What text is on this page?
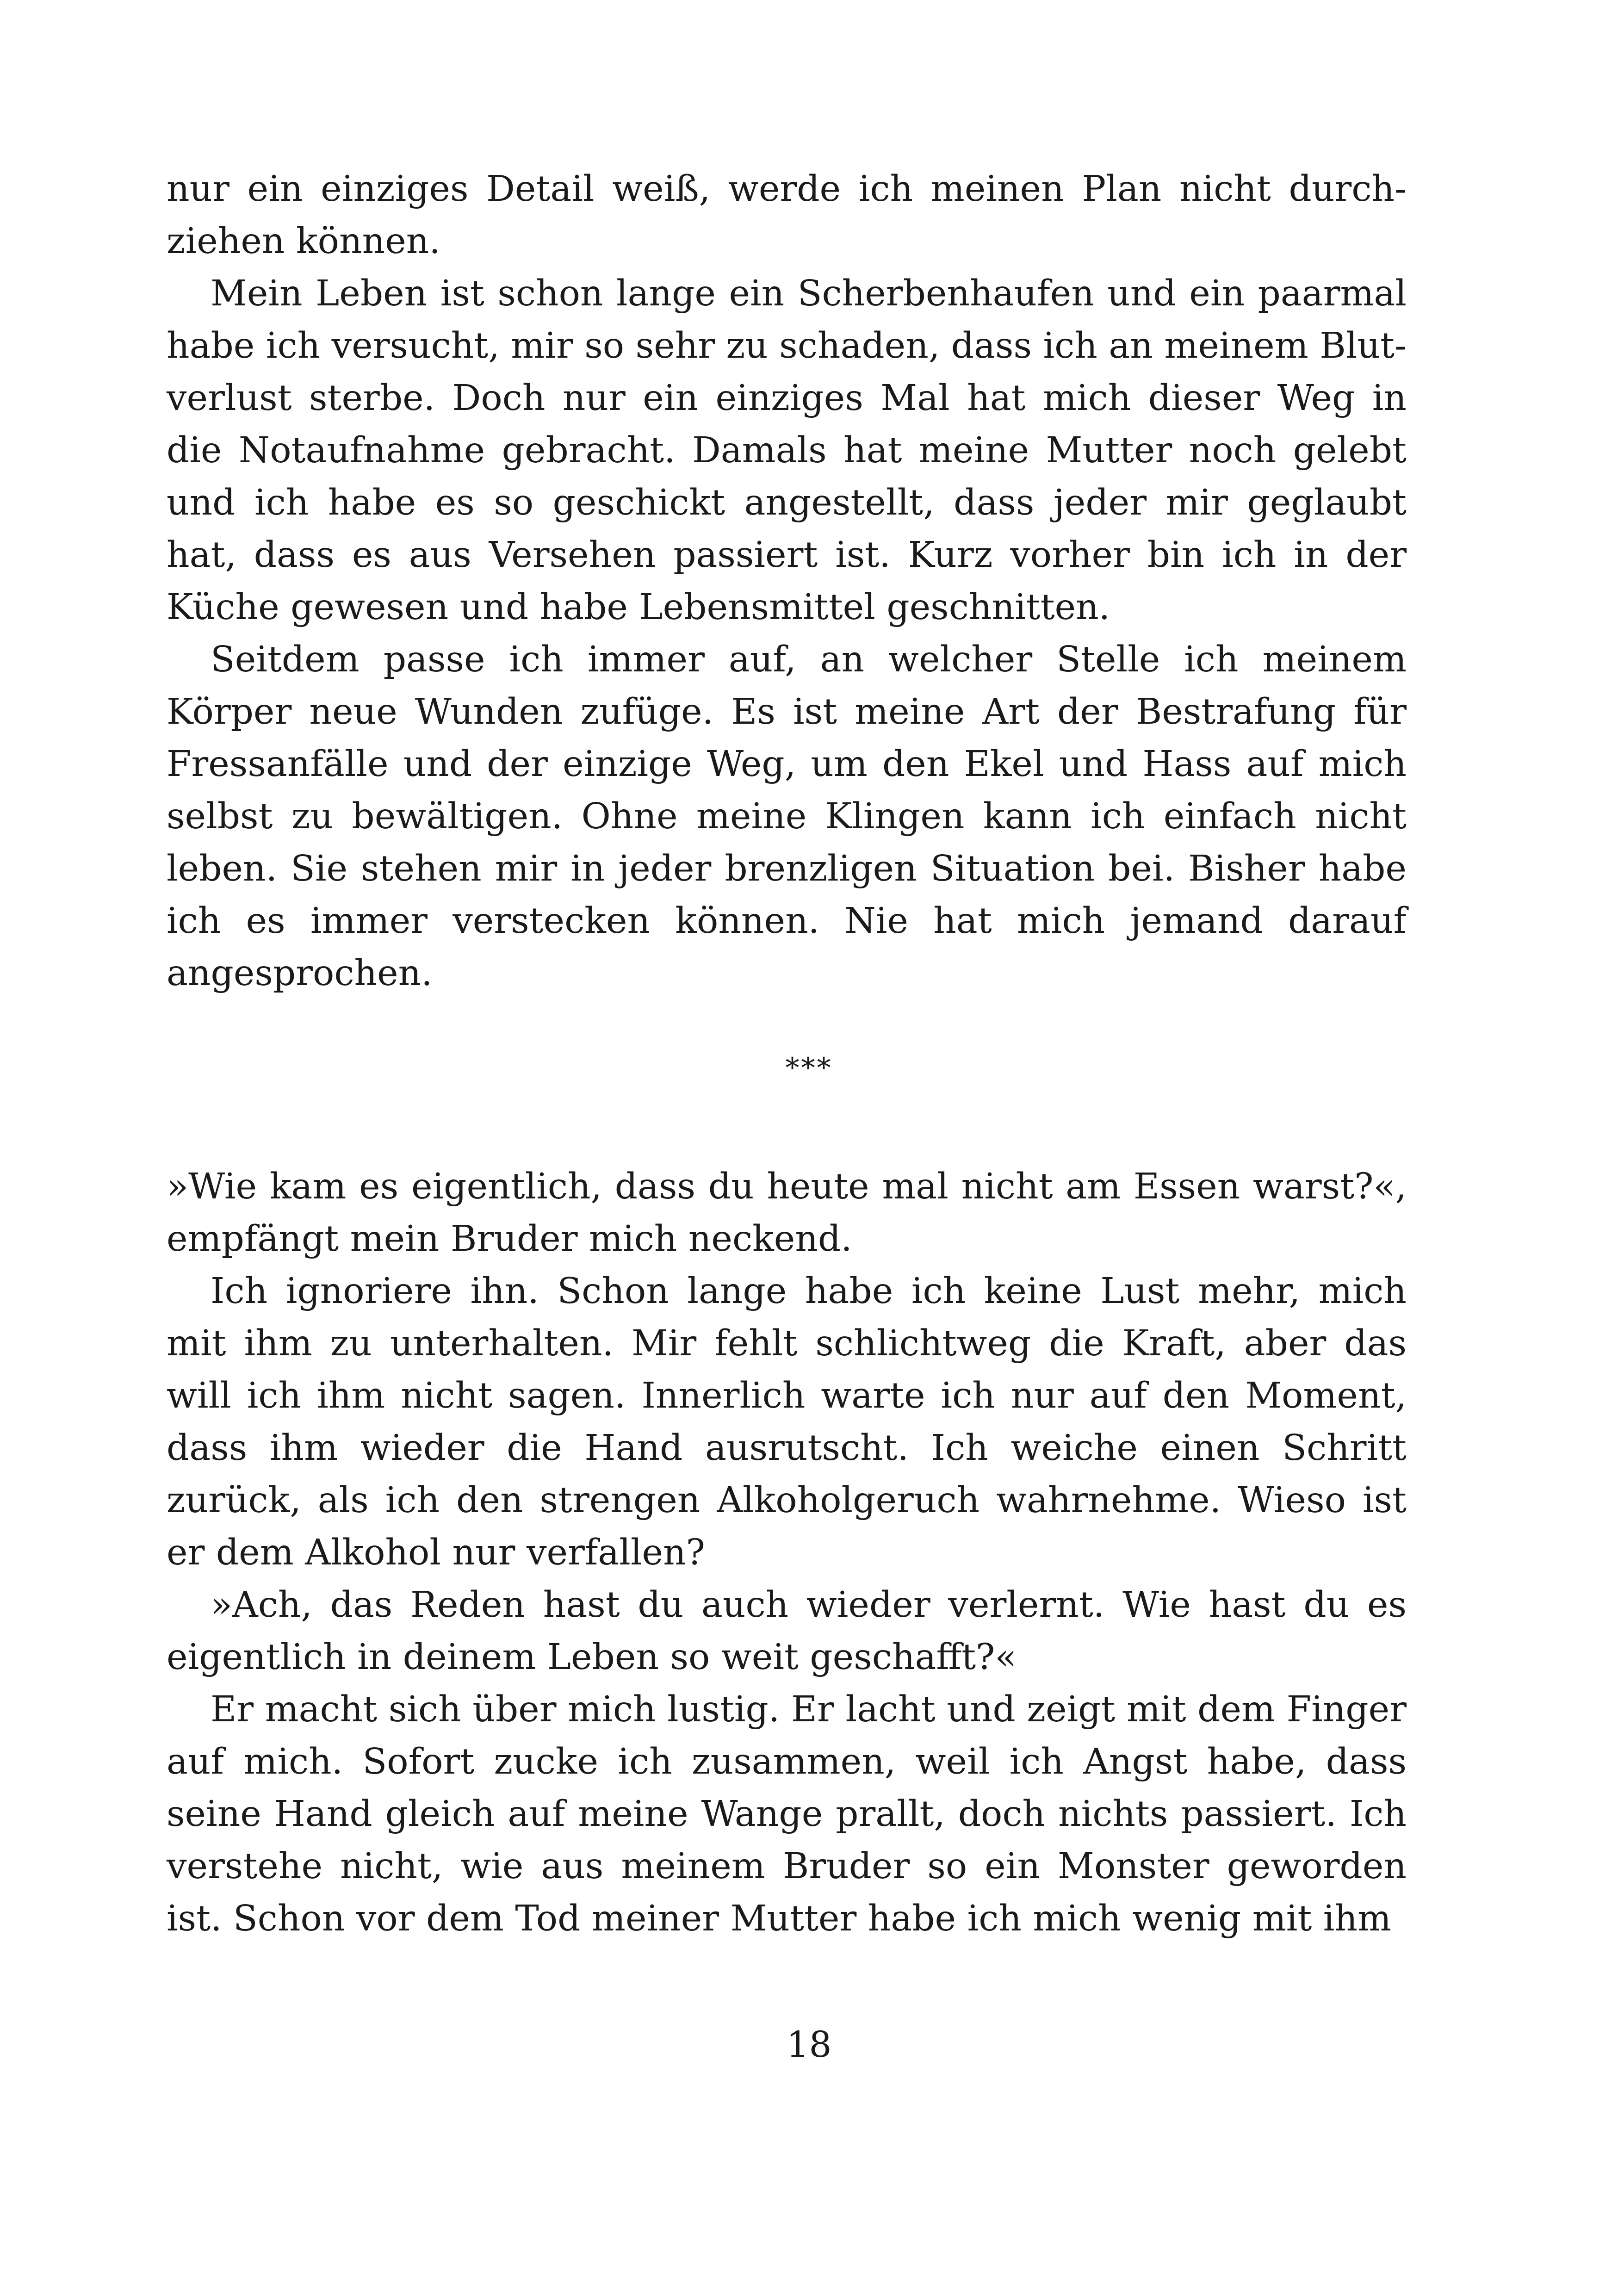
nur ein einziges Detail weiß, werde ich meinen Plan nicht durchziehen können.

Mein Leben ist schon lange ein Scherbenhaufen und ein paarmal habe ich versucht, mir so sehr zu schaden, dass ich an meinem Blutverlust sterbe. Doch nur ein einziges Mal hat mich dieser Weg in die Notaufnahme gebracht. Damals hat meine Mutter noch gelebt und ich habe es so geschickt angestellt, dass jeder mir geglaubt hat, dass es aus Versehen passiert ist. Kurz vorher bin ich in der Küche gewesen und habe Lebensmittel geschnitten.

Seitdem passe ich immer auf, an welcher Stelle ich meinem Körper neue Wunden zufüge. Es ist meine Art der Bestrafung für Fressanfälle und der einzige Weg, um den Ekel und Hass auf mich selbst zu bewältigen. Ohne meine Klingen kann ich einfach nicht leben. Sie stehen mir in jeder brenzligen Situation bei. Bisher habe ich es immer verstecken können. Nie hat mich jemand darauf angesprochen.

***

»Wie kam es eigentlich, dass du heute mal nicht am Essen warst?«, empfängt mein Bruder mich neckend.

Ich ignoriere ihn. Schon lange habe ich keine Lust mehr, mich mit ihm zu unterhalten. Mir fehlt schlichtweg die Kraft, aber das will ich ihm nicht sagen. Innerlich warte ich nur auf den Moment, dass ihm wieder die Hand ausrutscht. Ich weiche einen Schritt zurück, als ich den strengen Alkoholgeruch wahrnehme. Wieso ist er dem Alkohol nur verfallen?

»Ach, das Reden hast du auch wieder verlernt. Wie hast du es eigentlich in deinem Leben so weit geschafft?«

Er macht sich über mich lustig. Er lacht und zeigt mit dem Finger auf mich. Sofort zucke ich zusammen, weil ich Angst habe, dass seine Hand gleich auf meine Wange prallt, doch nichts passiert. Ich verstehe nicht, wie aus meinem Bruder so ein Monster geworden ist. Schon vor dem Tod meiner Mutter habe ich mich wenig mit ihm

18
